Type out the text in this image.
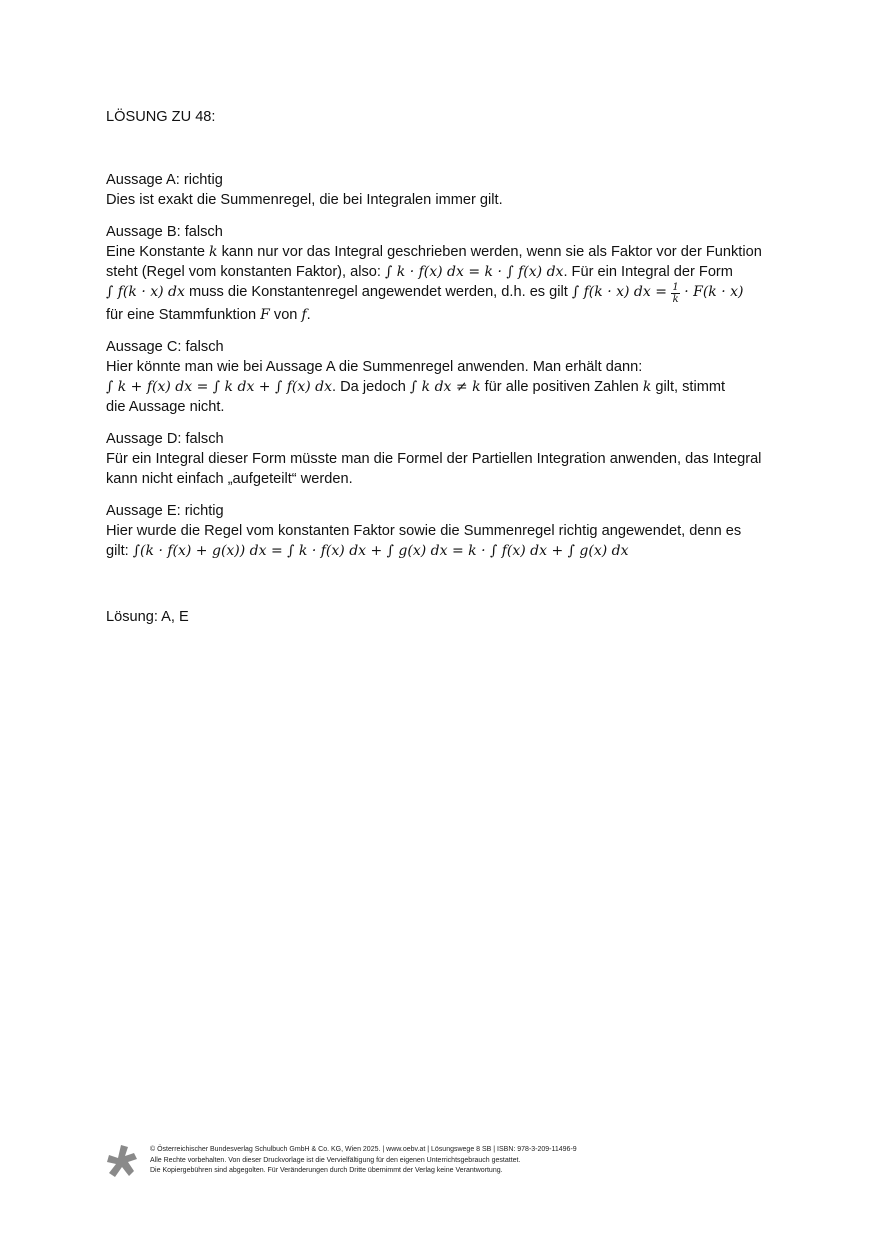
LÖSUNG ZU 48:
Aussage A: richtig
Dies ist exakt die Summenregel, die bei Integralen immer gilt.
Aussage B: falsch
Eine Konstante k kann nur vor das Integral geschrieben werden, wenn sie als Faktor vor der Funktion
steht (Regel vom konstanten Faktor), also: ∫ k · f(x) dx = k · ∫ f(x) dx. Für ein Integral der Form
∫ f(k · x) dx muss die Konstantenregel angewendet werden, d.h. es gilt ∫ f(k · x) dx = $\frac{1}{k} \cdot F(k \cdot x)$
für eine Stammfunktion F von f.
Aussage C: falsch
Hier könnte man wie bei Aussage A die Summenregel anwenden. Man erhält dann:
∫ k + f(x) dx = ∫ k dx + ∫ f(x) dx. Da jedoch ∫ k dx ≠ k für alle positiven Zahlen k gilt, stimmt
die Aussage nicht.
Aussage D: falsch
Für ein Integral dieser Form müsste man die Formel der Partiellen Integration anwenden, das Integral
kann nicht einfach „aufgeteilt“ werden.
Aussage E: richtig
Hier wurde die Regel vom konstanten Faktor sowie die Summenregel richtig angewendet, denn es
gilt: ∫(k · f(x) + g(x)) dx = ∫ k · f(x) dx + ∫ g(x) dx = k · ∫ f(x) dx + ∫ g(x) dx
Lösung: A, E
© Österreichischer Bundesverlag Schulbuch GmbH & Co. KG, Wien 2025. | www.oebv.at | Lösungswege 8 SB | ISBN: 978-3-209-11496-9
Alle Rechte vorbehalten. Von dieser Druckvorlage ist die Vervielfältigung für den eigenen Unterrichtsgebrauch gestattet.
Die Kopiergebühren sind abgegolten. Für Veränderungen durch Dritte übernimmt der Verlag keine Verantwortung.
